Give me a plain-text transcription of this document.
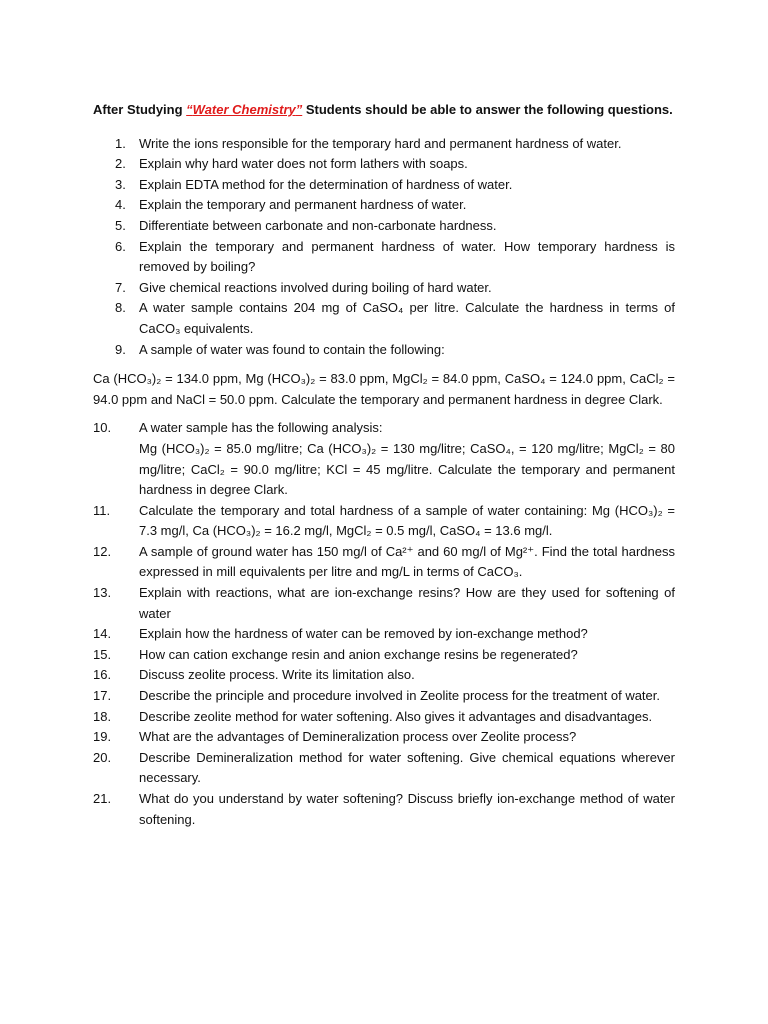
After Studying “Water Chemistry” Students should be able to answer the following questions.

1.	Write the ions responsible for the temporary hard and permanent hardness of water.
2.	Explain why hard water does not form lathers with soaps.
3.	Explain EDTA method for the determination of hardness of water.
4.	Explain the temporary and permanent hardness of water.
5.	Differentiate between carbonate and non-carbonate hardness.
6.	Explain the temporary and permanent hardness of water. How temporary hardness is removed by boiling?
7.	Give chemical reactions involved during boiling of hard water.
8.	A water sample contains 204 mg of CaSO₄ per litre. Calculate the hardness in terms of CaCO₃ equivalents.
9.	A sample of water was found to contain the following:

Ca (HCO₃)₂ = 134.0 ppm, Mg (HCO₃)₂ = 83.0 ppm, MgCl₂ = 84.0 ppm, CaSO₄ = 124.0 ppm, CaCl₂ = 94.0 ppm and NaCl = 50.0 ppm. Calculate the temporary and permanent hardness in degree Clark.

10.	A water sample has the following analysis:
Mg (HCO₃)₂ = 85.0 mg/litre; Ca (HCO₃)₂ = 130 mg/litre; CaSO₄, = 120 mg/litre; MgCl₂ = 80 mg/litre; CaCl₂ = 90.0 mg/litre; KCl = 45 mg/litre. Calculate the temporary and permanent hardness in degree Clark.
11.	Calculate the temporary and total hardness of a sample of water containing: Mg (HCO₃)₂ = 7.3 mg/l, Ca (HCO₃)₂ = 16.2 mg/l, MgCl₂ = 0.5 mg/l, CaSO₄ = 13.6 mg/l.
12.	A sample of ground water has 150 mg/l of Ca²⁺ and 60 mg/l of Mg²⁺. Find the total hardness expressed in mill equivalents per litre and mg/L in terms of CaCO₃.
13.	Explain with reactions, what are ion-exchange resins? How are they used for softening of water
14.	Explain how the hardness of water can be removed by ion-exchange method?
15.	How can cation exchange resin and anion exchange resins be regenerated?
16.	Discuss zeolite process. Write its limitation also.
17.	Describe the principle and procedure involved in Zeolite process for the treatment of water.
18.	Describe zeolite method for water softening. Also gives it advantages and disadvantages.
19.	What are the advantages of Demineralization process over Zeolite process?
20.	Describe Demineralization method for water softening. Give chemical equations wherever necessary.
21.	What do you understand by water softening? Discuss briefly ion-exchange method of water softening.
